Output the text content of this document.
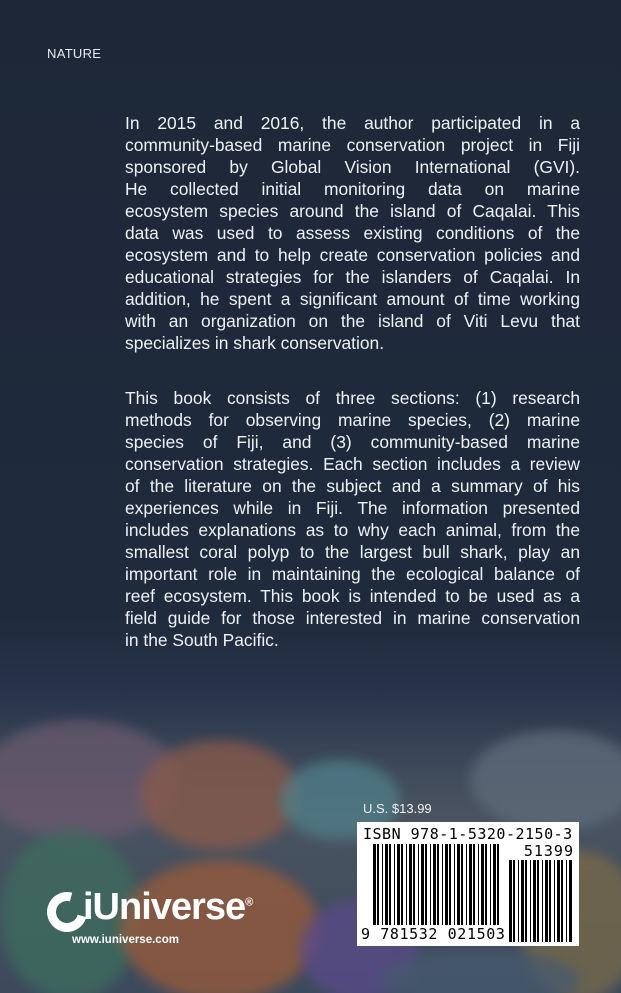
NATURE
In 2015 and 2016, the author participated in a
community-based marine conservation project in Fiji
sponsored by Global Vision International (GVI).
He collected initial monitoring data on marine
ecosystem species around the island of Caqalai. This
data was used to assess existing conditions of the
ecosystem and to help create conservation policies and
educational strategies for the islanders of Caqalai. In
addition, he spent a significant amount of time working
with an organization on the island of Viti Levu that
specializes in shark conservation.
This book consists of three sections: (1) research
methods for observing marine species, (2) marine
species of Fiji, and (3) community-based marine
conservation strategies. Each section includes a review
of the literature on the subject and a summary of his
experiences while in Fiji. The information presented
includes explanations as to why each animal, from the
smallest coral polyp to the largest bull shark, play an
important role in maintaining the ecological balance of
reef ecosystem. This book is intended to be used as a
field guide for those interested in marine conservation
in the South Pacific.
U.S. $13.99
ISBN 978-1-5320-2150-3
51399
9 781532 021503
iUniverse®
www.iuniverse.com
